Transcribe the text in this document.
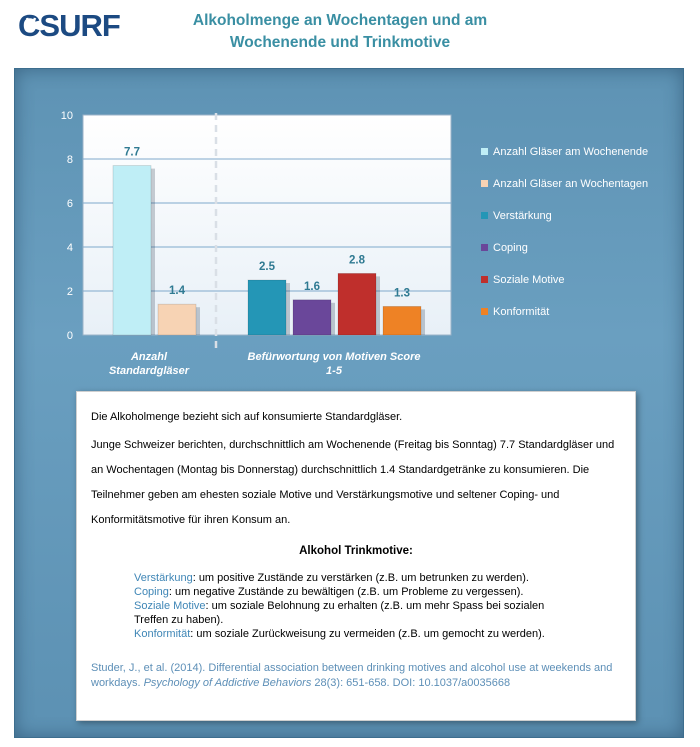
CSURF	Alkoholmenge an Wochentagen und am Wochenende und Trinkmotive
0
2
4
6
8
10
7.7
1.4
2.5
1.6
2.8
1.3
Anzahl Standardgläser
Befürwortung von Motiven Score 1-5
Anzahl Gläser am Wochenende
Anzahl Gläser an Wochentagen
Verstärkung
Coping
Soziale Motive
Konformität

Die Alkoholmenge bezieht sich auf konsumierte Standardgläser.

Junge Schweizer berichten, durchschnittlich am Wochenende (Freitag bis Sonntag) 7.7 Standardgläser und an Wochentagen (Montag bis Donnerstag) durchschnittlich 1.4 Standardgetränke zu konsumieren. Die Teilnehmer geben am ehesten soziale Motive und Verstärkungsmotive und seltener Coping- und Konformitätsmotive für ihren Konsum an.

Alkohol Trinkmotive:
Verstärkung: um positive Zustände zu verstärken (z.B. um betrunken zu werden).
Coping: um negative Zustände zu bewältigen (z.B. um Probleme zu vergessen).
Soziale Motive: um soziale Belohnung zu erhalten (z.B. um mehr Spass bei sozialen Treffen zu haben).
Konformität: um soziale Zurückweisung zu vermeiden (z.B. um gemocht zu werden).
Studer, J., et al. (2014). Differential association between drinking motives and alcohol use at weekends and workdays. Psychology of Addictive Behaviors 28(3): 651-658. DOI: 10.1037/a0035668
